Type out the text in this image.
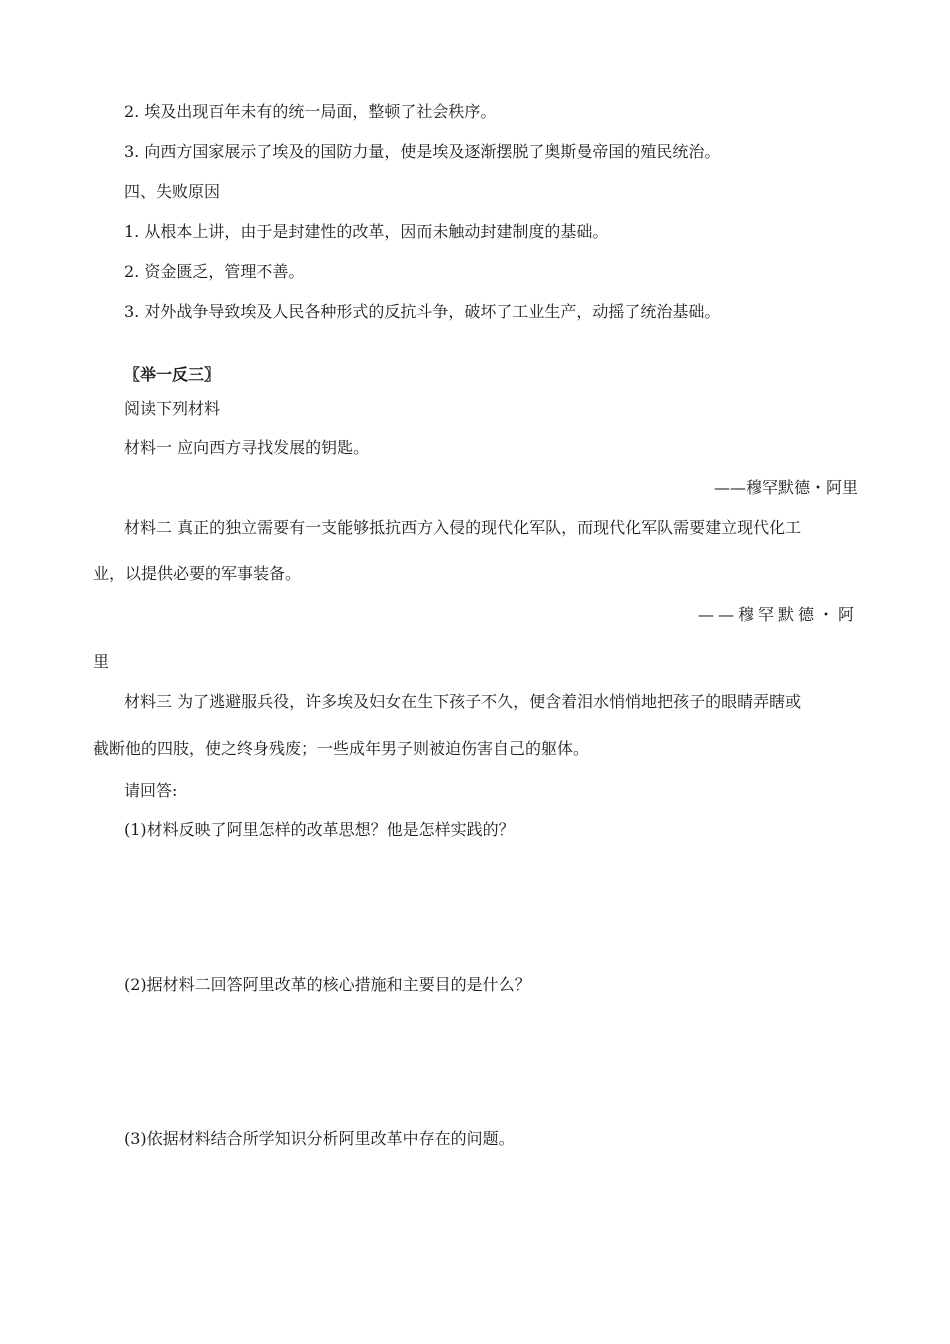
2. 埃及出现百年未有的统一局面，整顿了社会秩序。
3. 向西方国家展示了埃及的国防力量，使是埃及逐渐摆脱了奥斯曼帝国的殖民统治。
四、失败原因
1. 从根本上讲，由于是封建性的改革，因而未触动封建制度的基础。
2. 资金匮乏，管理不善。
3. 对外战争导致埃及人民各种形式的反抗斗争，破坏了工业生产，动摇了统治基础。
〖举一反三〗
阅读下列材料
材料一 应向西方寻找发展的钥匙。
——穆罕默德・阿里
材料二 真正的独立需要有一支能够抵抗西方入侵的现代化军队，而现代化军队需要建立现代化工
业，以提供必要的军事装备。
——穆罕默德・阿
里
材料三 为了逃避服兵役，许多埃及妇女在生下孩子不久，便含着泪水悄悄地把孩子的眼睛弄瞎或
截断他的四肢，使之终身残废；一些成年男子则被迫伤害自己的躯体。
请回答:
(1)材料反映了阿里怎样的改革思想？他是怎样实践的？
(2)据材料二回答阿里改革的核心措施和主要目的是什么？
(3)依据材料结合所学知识分析阿里改革中存在的问题。
